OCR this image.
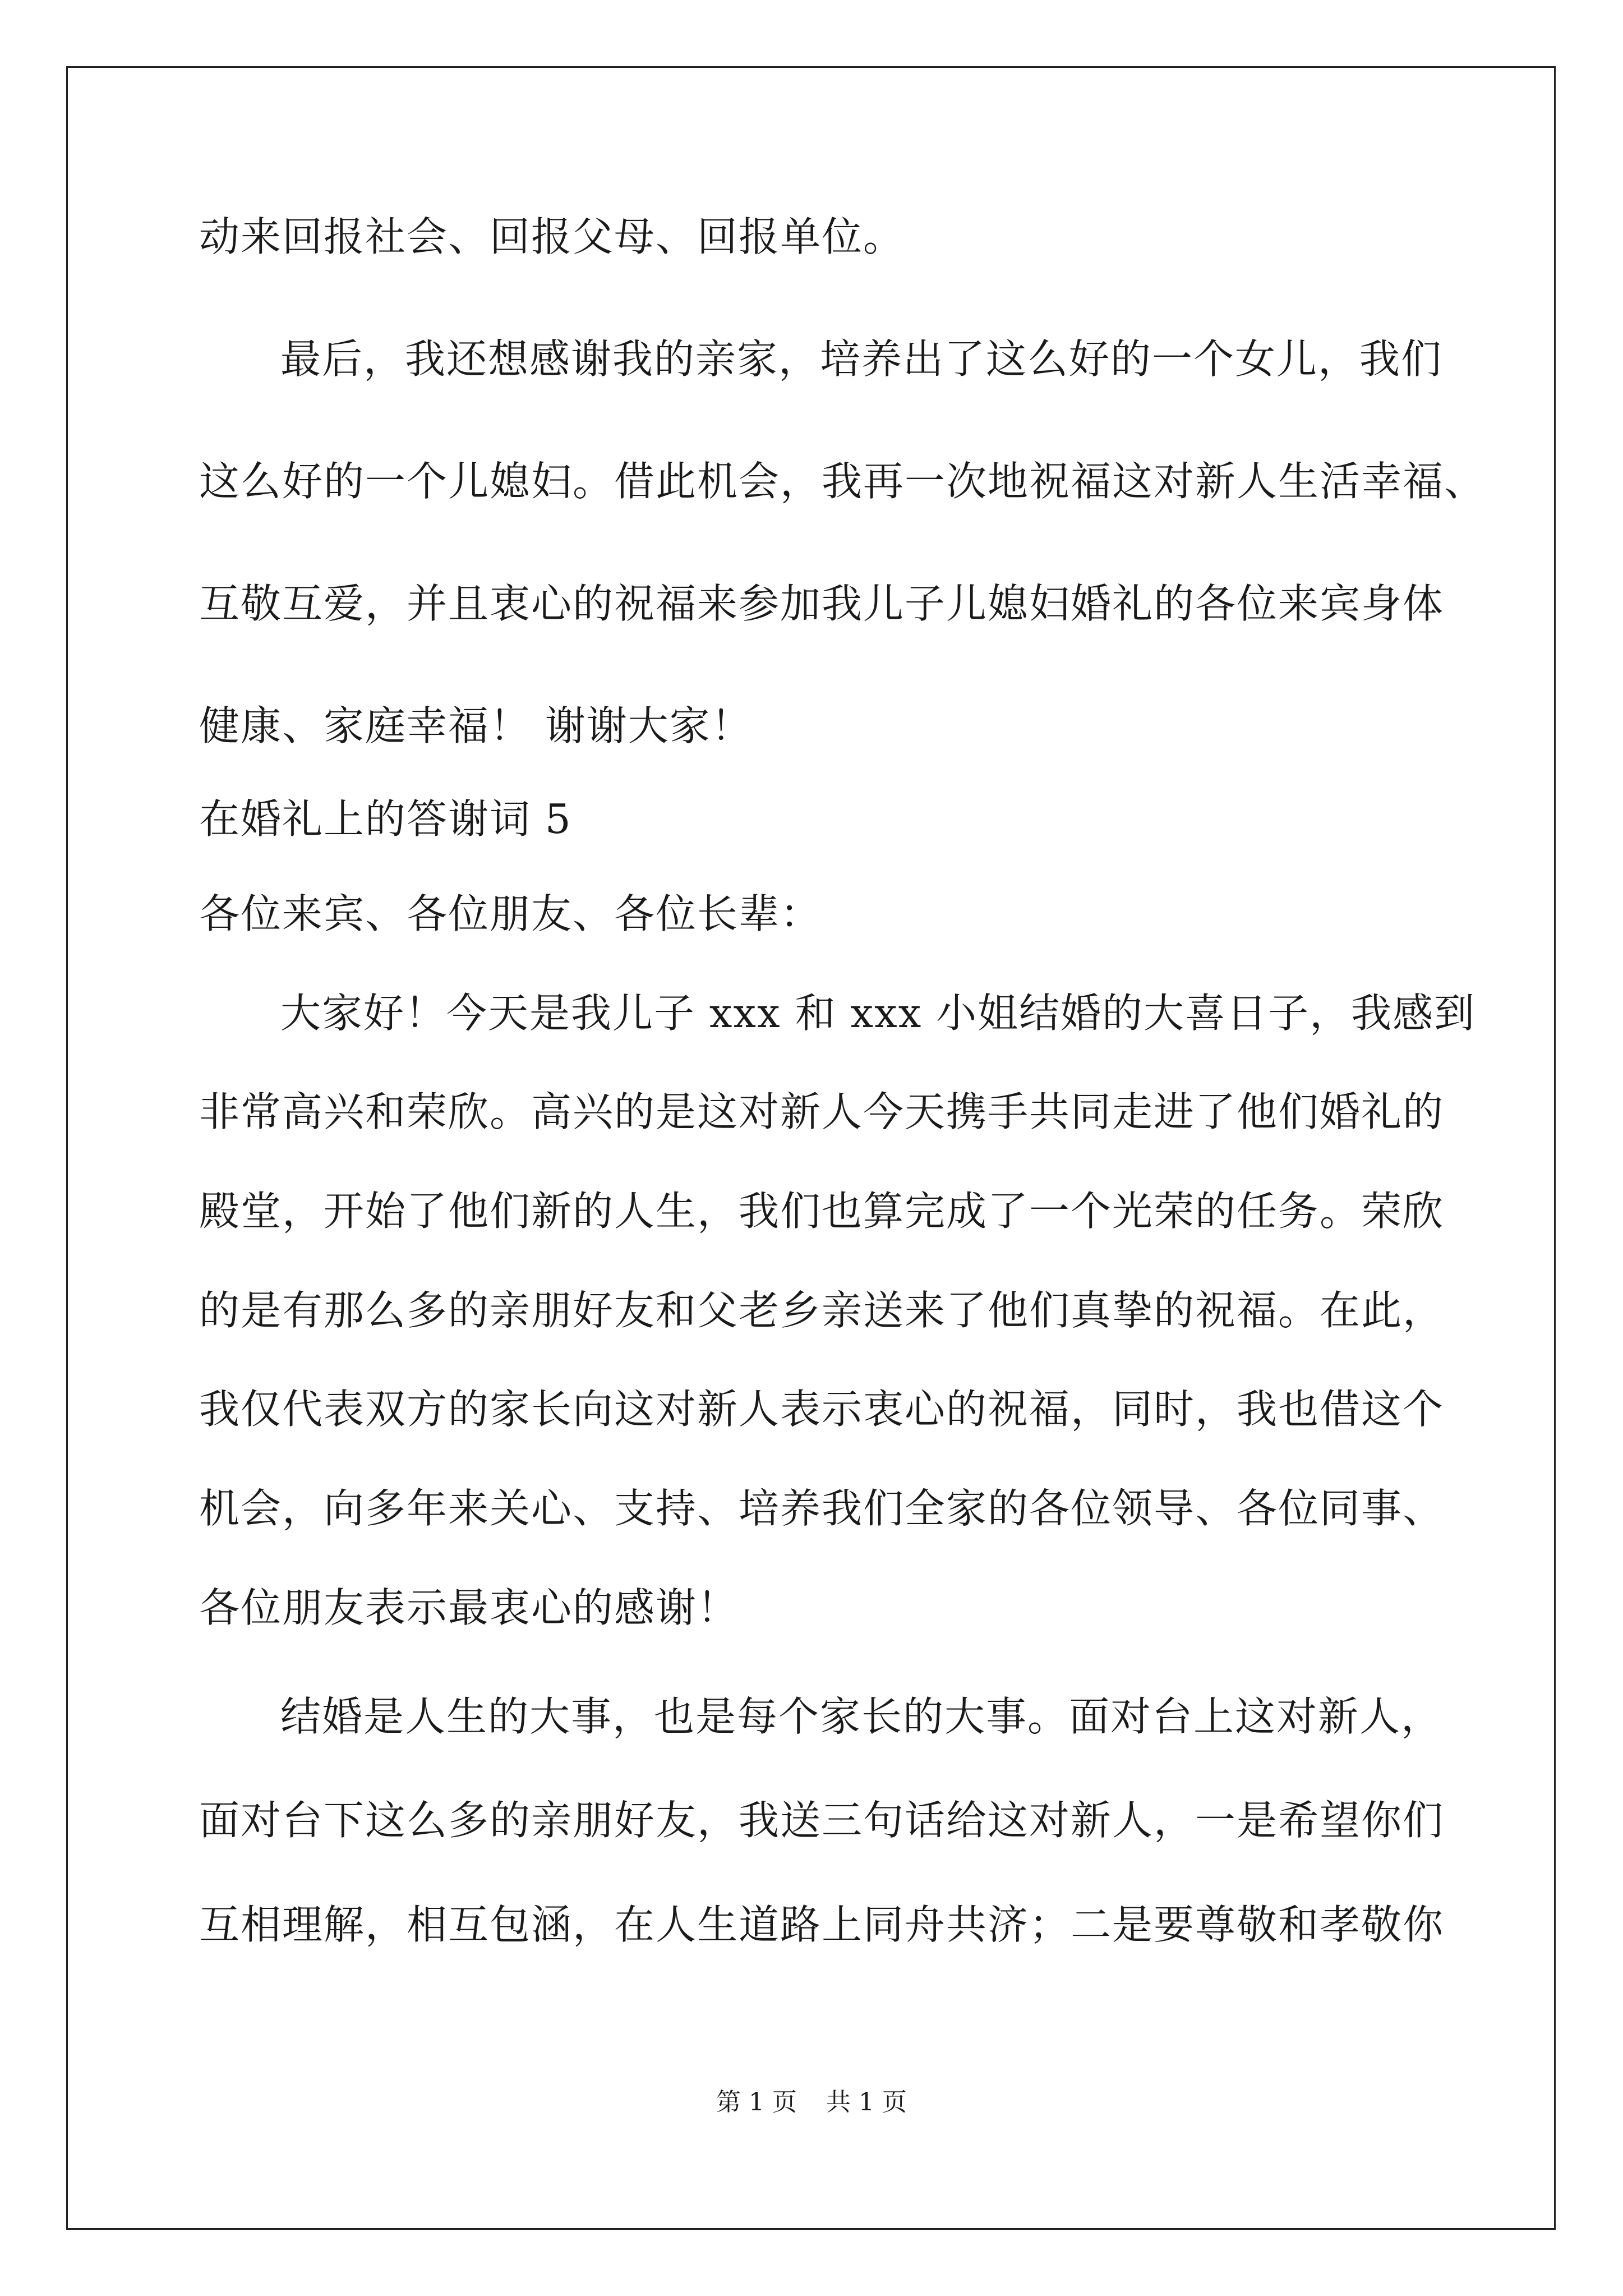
动来回报社会、回报父母、回报单位。
最后，我还想感谢我的亲家，培养出了这么好的一个女儿，我们
这么好的一个儿媳妇。借此机会，我再一次地祝福这对新人生活幸福、
互敬互爱，并且衷心的祝福来参加我儿子儿媳妇婚礼的各位来宾身体
健康、家庭幸福！ 谢谢大家！
在婚礼上的答谢词 5
各位来宾、各位朋友、各位长辈：
大家好！今天是我儿子 xxx 和 xxx 小姐结婚的大喜日子，我感到
非常高兴和荣欣。高兴的是这对新人今天携手共同走进了他们婚礼的
殿堂，开始了他们新的人生，我们也算完成了一个光荣的任务。荣欣
的是有那么多的亲朋好友和父老乡亲送来了他们真挚的祝福。在此，
我仅代表双方的家长向这对新人表示衷心的祝福，同时，我也借这个
机会，向多年来关心、支持、培养我们全家的各位领导、各位同事、
各位朋友表示最衷心的感谢！
结婚是人生的大事，也是每个家长的大事。面对台上这对新人，
面对台下这么多的亲朋好友，我送三句话给这对新人，一是希望你们
互相理解，相互包涵，在人生道路上同舟共济；二是要尊敬和孝敬你
第 1 页 共 1 页
